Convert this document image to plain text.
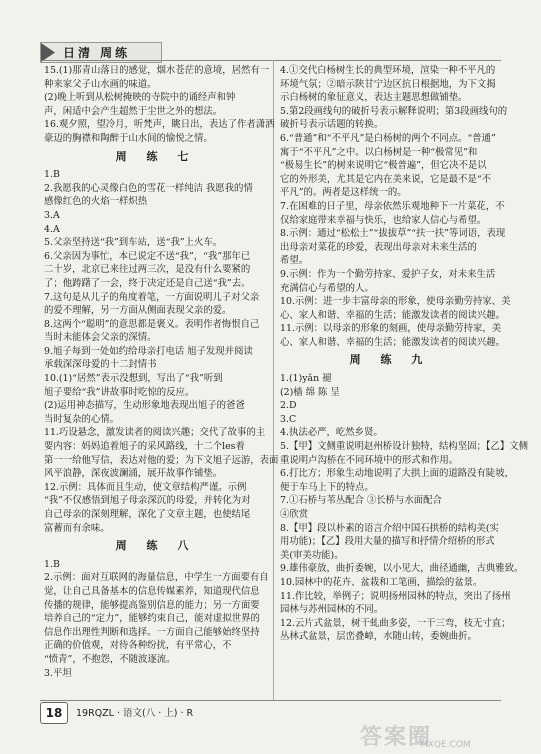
日清 周练
15.(1)那青山落日的感觉，烟水苍茫的意境，居然有一
种来家父子山水画的味道。
(2)晚上听到从松树掩映的寺院中的诵经声和钟
声，闲适中会产生超然于尘世之外的想法。
16.观夕照，望冷月，听梵声，眺日出，表达了作者潇洒
豪迈的胸襟和陶醉于山水间的愉悦之情。
周 练 七
1.B
2.我愿我的心灵像白色的雪花一样纯洁 我愿我的情
感像红色的火焰一样炽热
3.A
4.A
5.父亲坚持送“我”到车站，送“我”上火车。
6.父亲因为事忙，本已说定不送“我”，“我”那年已
二十岁，北京已来往过两三次，是没有什么要紧的
了；他踌躇了一会，终于决定还是自己送“我”去。
7.这句是从儿子的角度着笔，一方面说明儿子对父亲
的爱不理解，另一方面从侧面表现父亲的爱。
8.这两个“聪明”的意思都是褒义。表明作者悔恨自己
当时未能体会父亲的深情。
9.旭子每到一处如约给母亲打电话 旭子发现并阅读
承载深深母爱的十二封情书
10.(1)“居然”表示没想到，写出了“我”听到
旭子要给“我”讲故事时吃惊的反应。
(2)运用神态描写，生动形象地表现出旭子的爸爸
当时复杂的心情。
11.巧设悬念，激发读者的阅读兴趣；交代了故事的主
要内容：妈妈追着旭子的采风路线，十二个les着
第一一给他写信，表达对他的爱；为下文旭子远游，表面
风平浪静，深夜波澜涌，展开故事作铺垫。
12.示例：具体而且生动，使文章结构严谨。示例
“我”不仅感悟到旭子母亲深沉的母爱，并转化为对
自己母亲的深刻理解，深化了文章主题，也使结尾
富蓄而有余味。
周 练 八
1.B
2.示例：面对互联网的海量信息，中学生一方面要有自
觉，让自己具备基本的信息传媒素养，知道现代信息
传播的规律，能够提高鉴别信息的能力；另一方面要
培养自己的“定力”，能够约束自己，能对虚拟世界的
信息作出理性判断和选择。一方面自己能够始终坚持
正确的价值观，对待各种纷扰，有平常心，不
“愤青”，不抱怨，不随波逐流。
3.平坦
4.①交代白杨树生长的典型环境，渲染一种不平凡的
环境气氛；②暗示陕甘宁边区抗日根据地，为下文揭
示白杨树的象征意义，表达主题思想做铺垫。
5.第2段画线句的破折号表示解释说明；第3段画线句的
破折号表示话题的转换。
6.“普通”和“不平凡”是白杨树的两个不同点。“普通”
寓于“不平凡”之中。以白杨树是一种“极常见”和
“极易生长”的树来说明它“极普遍”，但它决不是以
它的外形美，尤其是它内在美来说，它是最不是“不
平凡”的。两者是这样统一的。
7.在困难的日子里，母亲依然乐观地种下一片菜花，不
仅给家庭带来幸福与快乐，也给家人信心与希望。
8.示例：通过“松松土”“拔拔草”“扶一扶”等词语，表现
出母亲对菜花的珍爱，表现出母亲对未来生活的
希望。
9.示例：作为一个勤劳持家、爱护子女，对未来生活
充满信心与希望的人。
10.示例：进一步丰富母亲的形象，使母亲勤劳持家、美
心、家人和谐、幸福的生活；能激发读者的阅读兴趣。
11.示例：以母亲的形象的刻画，使母亲勤劳持家，美
心、家人和谐、幸福的生活；能激发读者的阅读兴趣。
周 练 九
1.(1)yǎn 褪
(2)樯 绵 陈 呈
2.D
3.C
4.执法必严，屹然乡贤。
5.【甲】文侧重说明赵州桥设计独特，结构坚固；【乙】文侧
重说明卢沟桥在不同环境中的形式和作用。
6.打比方；形象生动地说明了大拱上面的道路没有陡坡，
便于车马上下的特点。
7.①石桥与苇丛配合 ③长桥与水面配合
④欣赏
8.【甲】段以朴素的语言介绍中国石拱桥的结构美(实
用功能)；【乙】段用大量的描写和抒情介绍桥的形式
美(审美功能)。
9.雄伟豪放，曲折委婉，以小见大，曲径通幽，古典雅致。
10.园林中的花卉、盆栽和工笔画，描绘的盆景。
11.作比较，举例子；说明扬州园林的特点，突出了扬州
园林与苏州园林的不同。
12.云片式盆景，树干虬曲多姿，一干三弯，枝无寸直；
丛林式盆景，层峦叠嶂，水随山转，委婉曲折。
18	19RQZL · 语文(八 · 上) · R
答案圈
MXQE.COM
